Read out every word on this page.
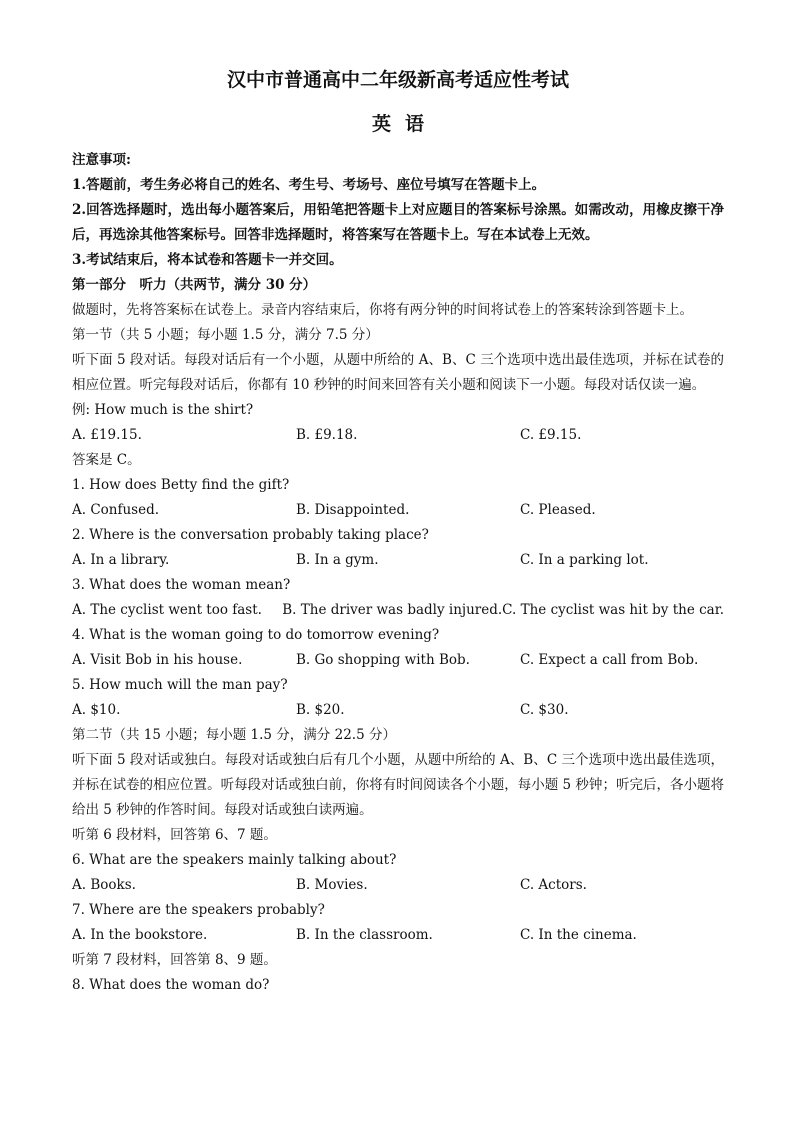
汉中市普通高中二年级新高考适应性考试

英语

注意事项:

1.答题前，考生务必将自己的姓名、考生号、考场号、座位号填写在答题卡上。

2.回答选择题时，选出每小题答案后，用铅笔把答题卡上对应题目的答案标号涂黑。如需改动，用橡皮擦干净后，再选涂其他答案标号。回答非选择题时，将答案写在答题卡上。写在本试卷上无效。

3.考试结束后，将本试卷和答题卡一并交回。

第一部分　听力（共两节，满分 30 分）

做题时，先将答案标在试卷上。录音内容结束后，你将有两分钟的时间将试卷上的答案转涂到答题卡上。

第一节（共 5 小题；每小题 1.5 分，满分 7.5 分）

听下面 5 段对话。每段对话后有一个小题，从题中所给的 A、B、C 三个选项中选出最佳选项，并标在试卷的相应位置。听完每段对话后，你都有 10 秒钟的时间来回答有关小题和阅读下一小题。每段对话仅读一遍。

例: How much is the shirt?

A. £19.15.	B. £9.18.	C. £9.15.

答案是 C。

1. How does Betty find the gift?

A. Confused.	B. Disappointed.	C. Pleased.

2. Where is the conversation probably taking place?

A. In a library.	B. In a gym.	C. In a parking lot.

3. What does the woman mean?

A. The cyclist went too fast.	B. The driver was badly injured. C. The cyclist was hit by the car.

4. What is the woman going to do tomorrow evening?

A. Visit Bob in his house.	B. Go shopping with Bob.	C. Expect a call from Bob.

5. How much will the man pay?

A. $10.	B. $20.	C. $30.

第二节（共 15 小题；每小题 1.5 分，满分 22.5 分）

听下面 5 段对话或独白。每段对话或独白后有几个小题，从题中所给的 A、B、C 三个选项中选出最佳选项，并标在试卷的相应位置。听每段对话或独白前，你将有时间阅读各个小题，每小题 5 秒钟；听完后，各小题将给出 5 秒钟的作答时间。每段对话或独白读两遍。

听第 6 段材料，回答第 6、7 题。

6. What are the speakers mainly talking about?

A. Books.	B. Movies.	C. Actors.

7. Where are the speakers probably?

A. In the bookstore.	B. In the classroom.	C. In the cinema.

听第 7 段材料，回答第 8、9 题。

8. What does the woman do?
